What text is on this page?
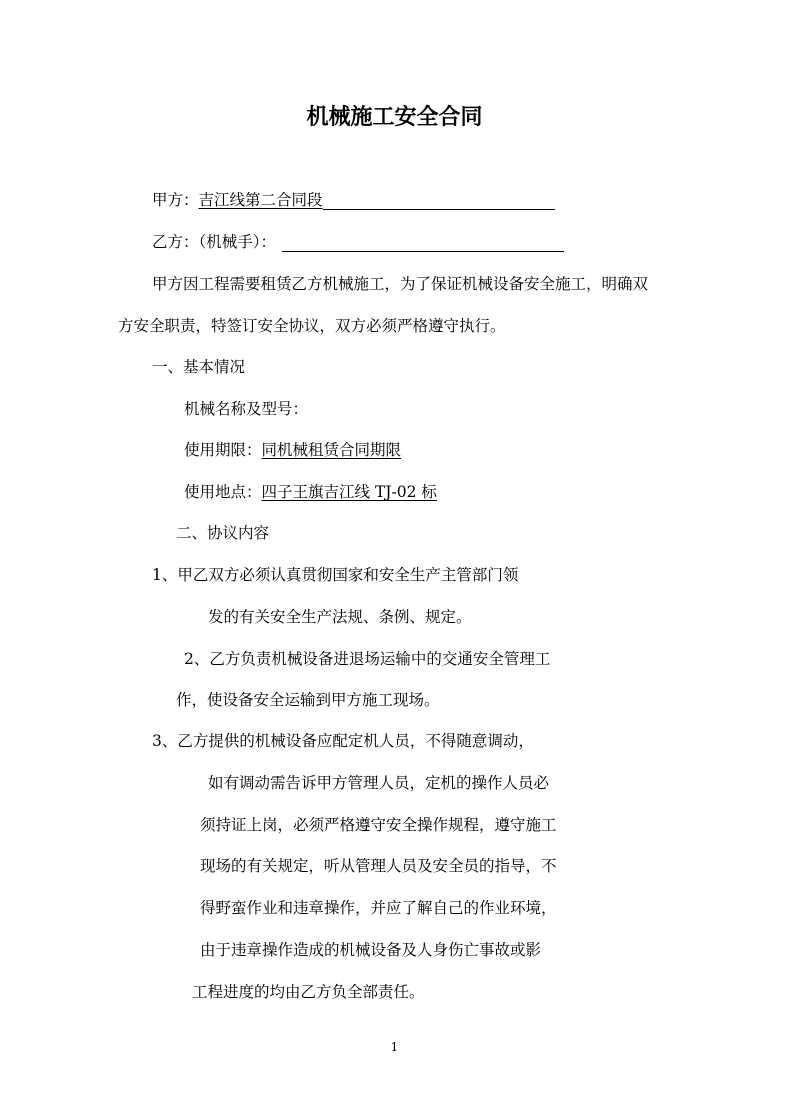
机械施工安全合同
甲方：吉江线第二合同段
乙方：（机械手）：
甲方因工程需要租赁乙方机械施工，为了保证机械设备安全施工，明确双
方安全职责，特签订安全协议，双方必须严格遵守执行。
一、基本情况
机械名称及型号：
使用期限：同机械租赁合同期限
使用地点：四子王旗吉江线 TJ-02 标
二、协议内容
1、甲乙双方必须认真贯彻国家和安全生产主管部门领
发的有关安全生产法规、条例、规定。
2、乙方负责机械设备进退场运输中的交通安全管理工
作，使设备安全运输到甲方施工现场。
3、乙方提供的机械设备应配定机人员，不得随意调动，
如有调动需告诉甲方管理人员，定机的操作人员必
须持证上岗，必须严格遵守安全操作规程，遵守施工
现场的有关规定，听从管理人员及安全员的指导，不
得野蛮作业和违章操作，并应了解自己的作业环境，
由于违章操作造成的机械设备及人身伤亡事故或影
工程进度的均由乙方负全部责任。
1
